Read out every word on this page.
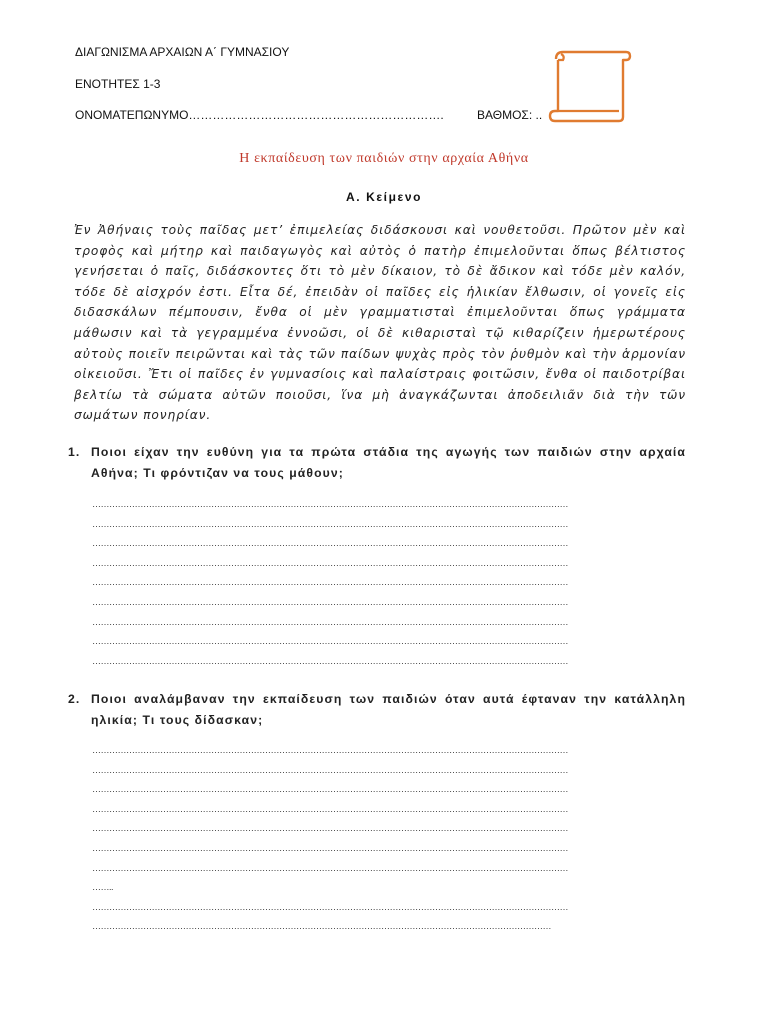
ΔΙΑΓΩΝΙΣΜΑ ΑΡΧΑΙΩΝ Α΄ ΓΥΜΝΑΣΙΟΥ
ΕΝΟΤΗΤΕΣ 1-3
ΟΝΟΜΑΤΕΠΩΝΥΜΟ……………………………………………………….	ΒΑΘΜΟΣ: ..
Η εκπαίδευση των παιδιών στην αρχαία Αθήνα
Α. Κείμενο
Ἐν Ἀθήναις τοὺς παῖδας μετ’ ἐπιμελείας διδάσκουσι καὶ νουθετοῦσι. Πρῶτον μὲν καὶ τροφὸς καὶ μήτηρ καὶ παιδαγωγὸς καὶ αὐτὸς ὁ πατὴρ ἐπιμελοῦνται ὅπως βέλτιστος γενήσεται ὁ παῖς, διδάσκοντες ὅτι τὸ μὲν δίκαιον, τὸ δὲ ἄδικον καὶ τόδε μὲν καλόν, τόδε δὲ αἰσχρόν ἐστι. Εἶτα δέ, ἐπειδὰν οἱ παῖδες εἰς ἡλικίαν ἔλθωσιν, οἱ γονεῖς εἰς διδασκάλων πέμπουσιν, ἔνθα οἱ μὲν γραμματισταὶ ἐπιμελοῦνται ὅπως γράμματα μάθωσιν καὶ τὰ γεγραμμένα ἐννοῶσι, οἱ δὲ κιθαρισταὶ τῷ κιθαρίζειν ἡμερωτέρους αὐτοὺς ποιεῖν πειρῶνται καὶ τὰς τῶν παίδων ψυχὰς πρὸς τὸν ῥυθμὸν καὶ τὴν ἁρμονίαν οἰκειοῦσι. Ἔτι οἱ παῖδες ἐν γυμνασίοις καὶ παλαίστραις φοιτῶσιν, ἔνθα οἱ παιδοτρίβαι βελτίω τὰ σώματα αὐτῶν ποιοῦσι, ἵνα μὴ ἀναγκάζωνται ἀποδειλιᾶν διὰ τὴν τῶν σωμάτων πονηρίαν.
1. Ποιοι είχαν την ευθύνη για τα πρώτα στάδια της αγωγής των παιδιών στην αρχαία Αθήνα; Τι φρόντιζαν να τους μάθουν;
……………………………………………………………………………………………………………………………………………………
……………………………………………………………………………………………………………………………………………………
……………………………………………………………………………………………………………………………………………………
……………………………………………………………………………………………………………………………………………………
……………………………………………………………………………………………………………………………………………………
……………………………………………………………………………………………………………………………………………………
……………………………………………………………………………………………………………………………………………………
……………………………………………………………………………………………………………………………………………………
……………………………………………………………………………………………………………………………………………………
2. Ποιοι αναλάμβαναν την εκπαίδευση των παιδιών όταν αυτά έφταναν την κατάλληλη ηλικία; Τι τους δίδασκαν;
……………………………………………………………………………………………………………………………………………………
……………………………………………………………………………………………………………………………………………………
……………………………………………………………………………………………………………………………………………………
……………………………………………………………………………………………………………………………………………………
……………………………………………………………………………………………………………………………………………………
……………………………………………………………………………………………………………………………………………………
……………………………………………………………………………………………………………………………………………………
……..
……………………………………………………………………………………………………………………………………………………
………………………………………………………………………………………………………………………………………………
